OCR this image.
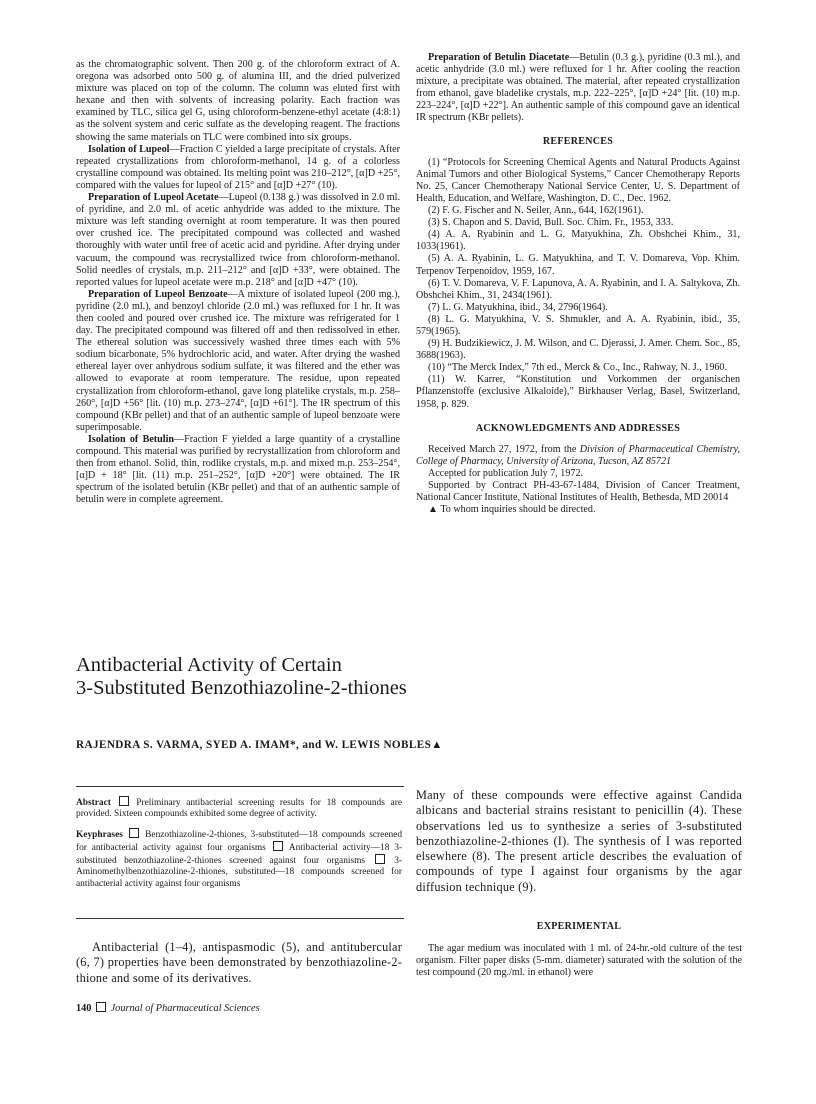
as the chromatographic solvent. Then 200 g. of the chloroform extract of A. oregona was adsorbed onto 500 g. of alumina III, and the dried pulverized mixture was placed on top of the column. The column was eluted first with hexane and then with solvents of increasing polarity. Each fraction was examined by TLC, silica gel G, using chloroform-benzene-ethyl acetate (4:8:1) as the solvent system and ceric sulfate as the developing reagent. The fractions showing the same materials on TLC were combined into six groups.

Isolation of Lupeol—Fraction C yielded a large precipitate of crystals. After repeated crystallizations from chloroform-methanol, 14 g. of a colorless crystalline compound was obtained. Its melting point was 210–212°, [α]D +25°, compared with the values for lupeol of 215° and [α]D +27° (10).

Preparation of Lupeol Acetate—Lupeol (0.138 g.) was dissolved in 2.0 ml. of pyridine, and 2.0 ml. of acetic anhydride was added to the mixture. The mixture was left standing overnight at room temperature. It was then poured over crushed ice. The precipitated compound was collected and washed thoroughly with water until free of acetic acid and pyridine. After drying under vacuum, the compound was recrystallized twice from chloroform-methanol. Solid needles of crystals, m.p. 211–212° and [α]D +33°, were obtained. The reported values for lupeol acetate were m.p. 218° and [α]D +47° (10).

Preparation of Lupeol Benzoate—A mixture of isolated lupeol (200 mg.), pyridine (2.0 ml.), and benzoyl chloride (2.0 ml.) was refluxed for 1 hr. It was then cooled and poured over crushed ice. The mixture was refrigerated for 1 day. The precipitated compound was filtered off and then redissolved in ether. The ethereal solution was successively washed three times each with 5% sodium bicarbonate, 5% hydrochloric acid, and water. After drying the washed ethereal layer over anhydrous sodium sulfate, it was filtered and the ether was allowed to evaporate at room temperature. The residue, upon repeated crystallization from chloroform-ethanol, gave long platelike crystals, m.p. 258–260°, [α]D +56° [lit. (10) m.p. 273–274°, [α]D +61°]. The IR spectrum of this compound (KBr pellet) and that of an authentic sample of lupeol benzoate were superimposable.

Isolation of Betulin—Fraction F yielded a large quantity of a crystalline compound. This material was purified by recrystallization from chloroform and then from ethanol. Solid, thin, rodlike crystals, m.p. and mixed m.p. 253–254°, [α]D + 18° [lit. (11) m.p. 251–252°, [α]D +20°] were obtained. The IR spectrum of the isolated betulin (KBr pellet) and that of an authentic sample of betulin were in complete agreement.

Preparation of Betulin Diacetate—Betulin (0.3 g.), pyridine (0.3 ml.), and acetic anhydride (3.0 ml.) were refluxed for 1 hr. After cooling the reaction mixture, a precipitate was obtained. The material, after repeated crystallization from ethanol, gave bladelike crystals, m.p. 222–225°, [α]D +24° [lit. (10) m.p. 223–224°, [α]D +22°]. An authentic sample of this compound gave an identical IR spectrum (KBr pellets).

REFERENCES

(1) “Protocols for Screening Chemical Agents and Natural Products Against Animal Tumors and other Biological Systems,” Cancer Chemotherapy Reports No. 25, Cancer Chemotherapy National Service Center, U. S. Department of Health, Education, and Welfare, Washington, D. C., Dec. 1962.

(2) F. G. Fischer and N. Seiler, Ann., 644, 162(1961).

(3) S. Chapon and S. David, Bull. Soc. Chim. Fr., 1953, 333.

(4) A. A. Ryabinin and L. G. Matyukhina, Zh. Obshchei Khim., 31, 1033(1961).

(5) A. A. Ryabinin, L. G. Matyukhina, and T. V. Domareva, Vop. Khim. Terpenov Terpenoidov, 1959, 167.

(6) T. V. Domareva, V. F. Lapunova, A. A. Ryabinin, and I. A. Saltykova, Zh. Obshchei Khim., 31, 2434(1961).

(7) L. G. Matyukhina, ibid., 34, 2796(1964).

(8) L. G. Matyukhina, V. S. Shmukler, and A. A. Ryabinin, ibid., 35, 579(1965).

(9) H. Budzikiewicz, J. M. Wilson, and C. Djerassi, J. Amer. Chem. Soc., 85, 3688(1963).

(10) “The Merck Index,” 7th ed., Merck & Co., Inc., Rahway, N. J., 1960.

(11) W. Karrer, “Konstitution und Vorkommen der organischen Pflanzenstoffe (exclusive Alkaloide),” Birkhauser Verlag, Basel, Switzerland, 1958, p. 829.

ACKNOWLEDGMENTS AND ADDRESSES

Received March 27, 1972, from the Division of Pharmaceutical Chemistry, College of Pharmacy, University of Arizona, Tucson, AZ 85721

Accepted for publication July 7, 1972.

Supported by Contract PH-43-67-1484, Division of Cancer Treatment, National Cancer Institute, National Institutes of Health, Bethesda, MD 20014

▲ To whom inquiries should be directed.

Antibacterial Activity of Certain
3-Substituted Benzothiazoline-2-thiones
RAJENDRA S. VARMA, SYED A. IMAM*, and W. LEWIS NOBLES▲

Abstract	Preliminary antibacterial screening results for 18 compounds are provided. Sixteen compounds exhibited some degree of activity.

Keyphrases Benzothiazoline-2-thiones, 3-substituted—18 compounds screened for antibacterial activity against four organisms Antibacterial activity—18 3-substituted benzothiazoline-2-thiones screened against four organisms	3-Aminomethylbenzothiazoline-2-thiones, substituted—18 compounds screened for antibacterial activity against four organisms

Antibacterial (1–4), antispasmodic (5), and antitubercular (6, 7) properties have been demonstrated by benzothiazoline-2-thione and some of its derivatives.

Many of these compounds were effective against Candida albicans and bacterial strains resistant to penicillin (4). These observations led us to synthesize a series of 3-substituted benzothiazoline-2-thiones (I). The synthesis of I was reported elsewhere (8). The present article describes the evaluation of compounds of type I against four organisms by the agar diffusion technique (9).

EXPERIMENTAL

The agar medium was inoculated with 1 ml. of 24-hr.-old culture of the test organism. Filter paper disks (5-mm. diameter) saturated with the solution of the test compound (20 mg./ml. in ethanol) were

140 Journal of Pharmaceutical Sciences
